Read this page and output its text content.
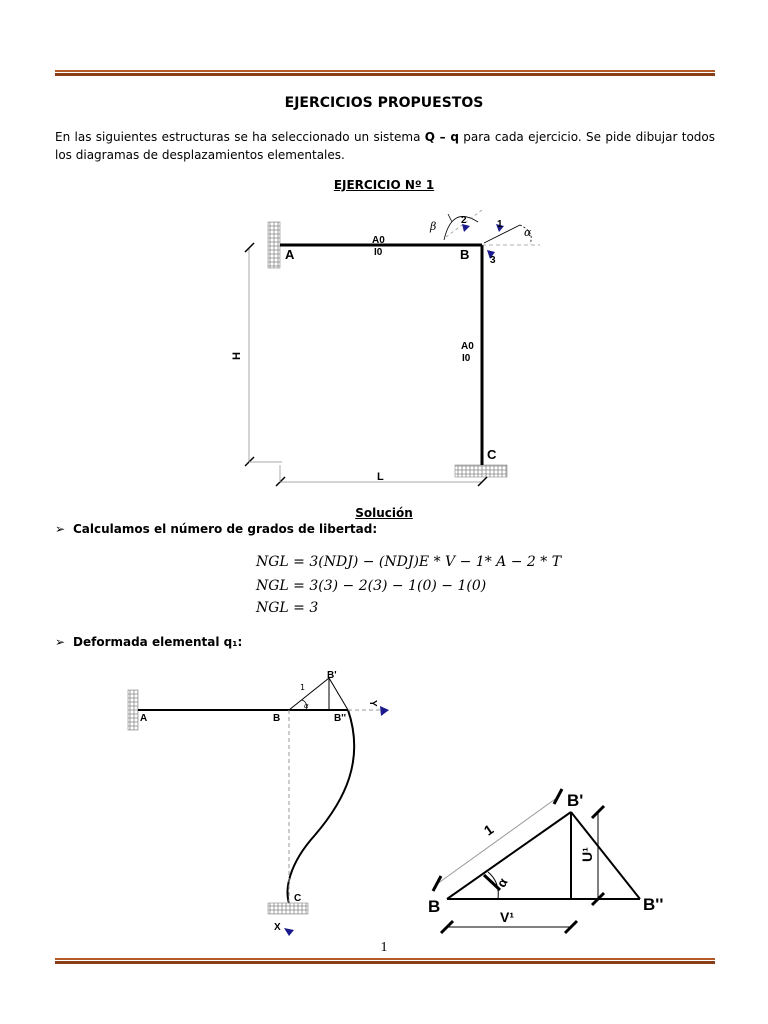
EJERCICIOS PROPUESTOS
En las siguientes estructuras se ha seleccionado un sistema Q – q para cada ejercicio. Se pide dibujar todos los diagramas de desplazamientos elementales.
EJERCICIO Nº 1
A	B
C
A0
I0
A0
I0
H
L
2	1
3
β	α
Solución
➢ Calculamos el número de grados de libertad:
NGL = 3(NDJ) − (NDJ)E * V − 1* A − 2 * T
NGL = 3(3) − 2(3) − 1(0) − 1(0)
NGL = 3
➢ Deformada elemental q₁:
A	B	B''
B'
C
Y
X
1
α
B
B'
B''
1
α
U¹
V¹
1
